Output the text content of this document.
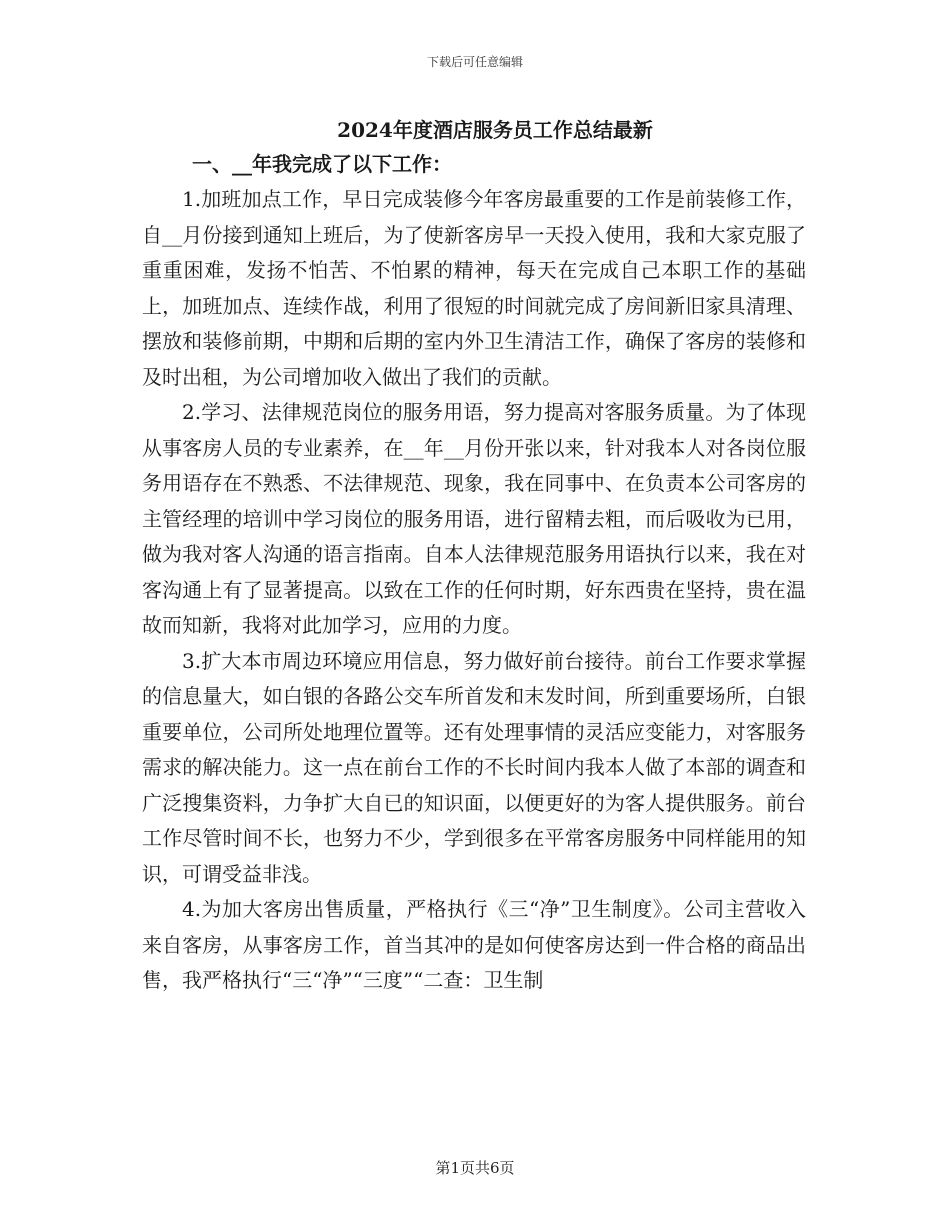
下载后可任意编辑
2024年度酒店服务员工作总结最新
一、__年我完成了以下工作：

1.加班加点工作，早日完成装修今年客房最重要的工作是前装修工作，自__月份接到通知上班后，为了使新客房早一天投入使用，我和大家克服了重重困难，发扬不怕苦、不怕累的精神，每天在完成自己本职工作的基础上，加班加点、连续作战，利用了很短的时间就完成了房间新旧家具清理、摆放和装修前期，中期和后期的室内外卫生清洁工作，确保了客房的装修和及时出租，为公司增加收入做出了我们的贡献。

2.学习、法律规范岗位的服务用语，努力提高对客服务质量。为了体现从事客房人员的专业素养，在__年__月份开张以来，针对我本人对各岗位服务用语存在不熟悉、不法律规范、现象，我在同事中、在负责本公司客房的主管经理的培训中学习岗位的服务用语，进行留精去粗，而后吸收为已用，做为我对客人沟通的语言指南。自本人法律规范服务用语执行以来，我在对客沟通上有了显著提高。以致在工作的任何时期，好东西贵在坚持，贵在温故而知新，我将对此加学习，应用的力度。

3.扩大本市周边环境应用信息，努力做好前台接待。前台工作要求掌握的信息量大，如白银的各路公交车所首发和末发时间，所到重要场所，白银重要单位，公司所处地理位置等。还有处理事情的灵活应变能力，对客服务需求的解决能力。这一点在前台工作的不长时间内我本人做了本部的调查和广泛搜集资料，力争扩大自已的知识面，以便更好的为客人提供服务。前台工作尽管时间不长，也努力不少，学到很多在平常客房服务中同样能用的知识，可谓受益非浅。

4.为加大客房出售质量，严格执行《三“净”卫生制度》。公司主营收入来自客房，从事客房工作，首当其冲的是如何使客房达到一件合格的商品出售，我严格执行“三“净”“三度”“二查：卫生制

第1页共6页
